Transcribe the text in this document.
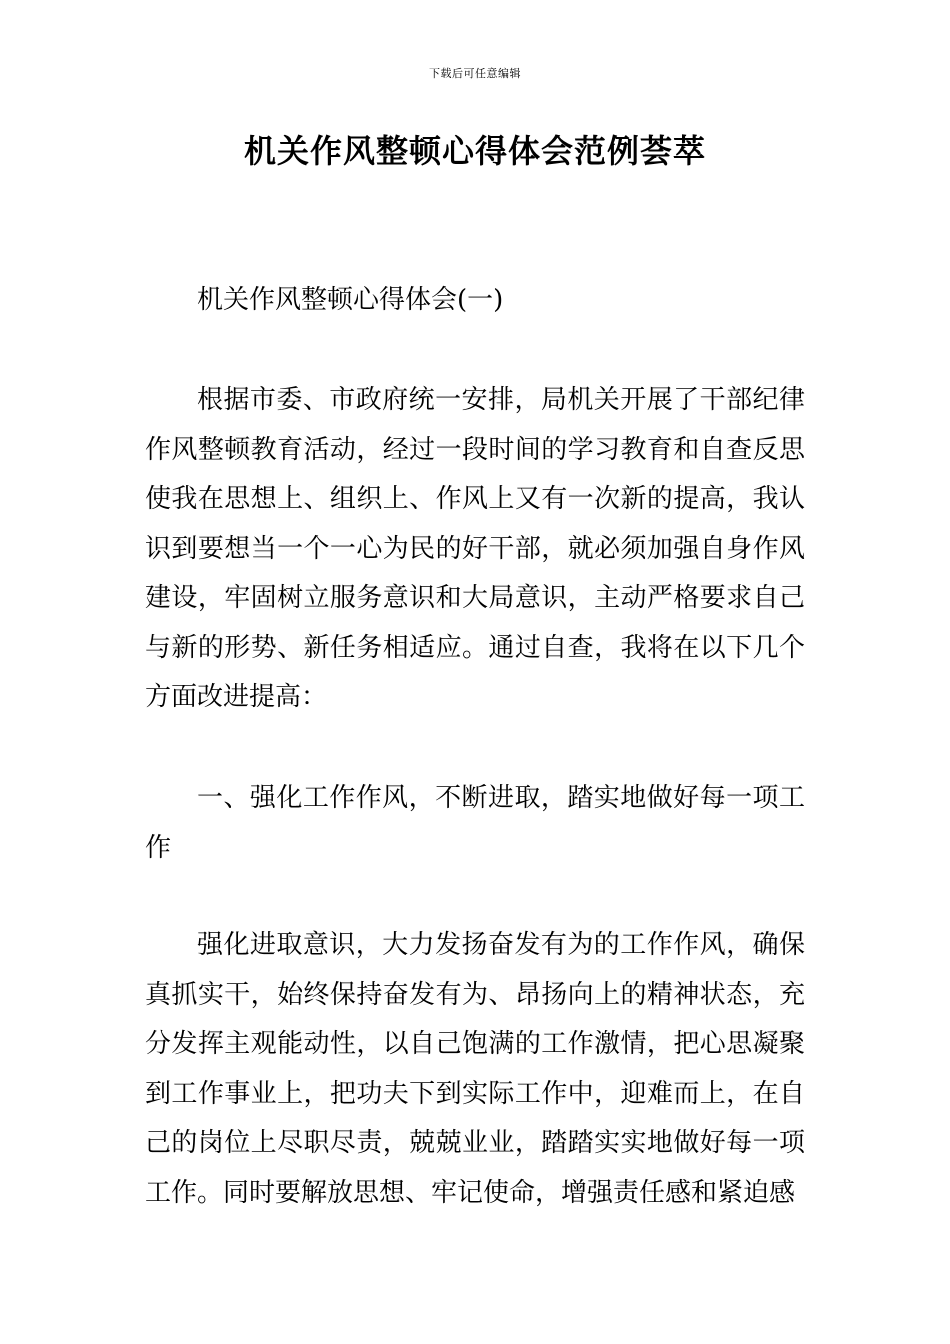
下载后可任意编辑
机关作风整顿心得体会范例荟萃

机关作风整顿心得体会(一)

根据市委、市政府统一安排，局机关开展了干部纪律作风整顿教育活动，经过一段时间的学习教育和自查反思使我在思想上、组织上、作风上又有一次新的提高，我认识到要想当一个一心为民的好干部，就必须加强自身作风建设，牢固树立服务意识和大局意识，主动严格要求自己与新的形势、新任务相适应。通过自查，我将在以下几个方面改进提高：

一、强化工作作风，不断进取，踏实地做好每一项工作

强化进取意识，大力发扬奋发有为的工作作风，确保真抓实干，始终保持奋发有为、昂扬向上的精神状态，充分发挥主观能动性，以自己饱满的工作激情，把心思凝聚到工作事业上，把功夫下到实际工作中，迎难而上，在自己的岗位上尽职尽责，兢兢业业，踏踏实实地做好每一项工作。同时要解放思想、牢记使命，增强责任感和紧迫感
